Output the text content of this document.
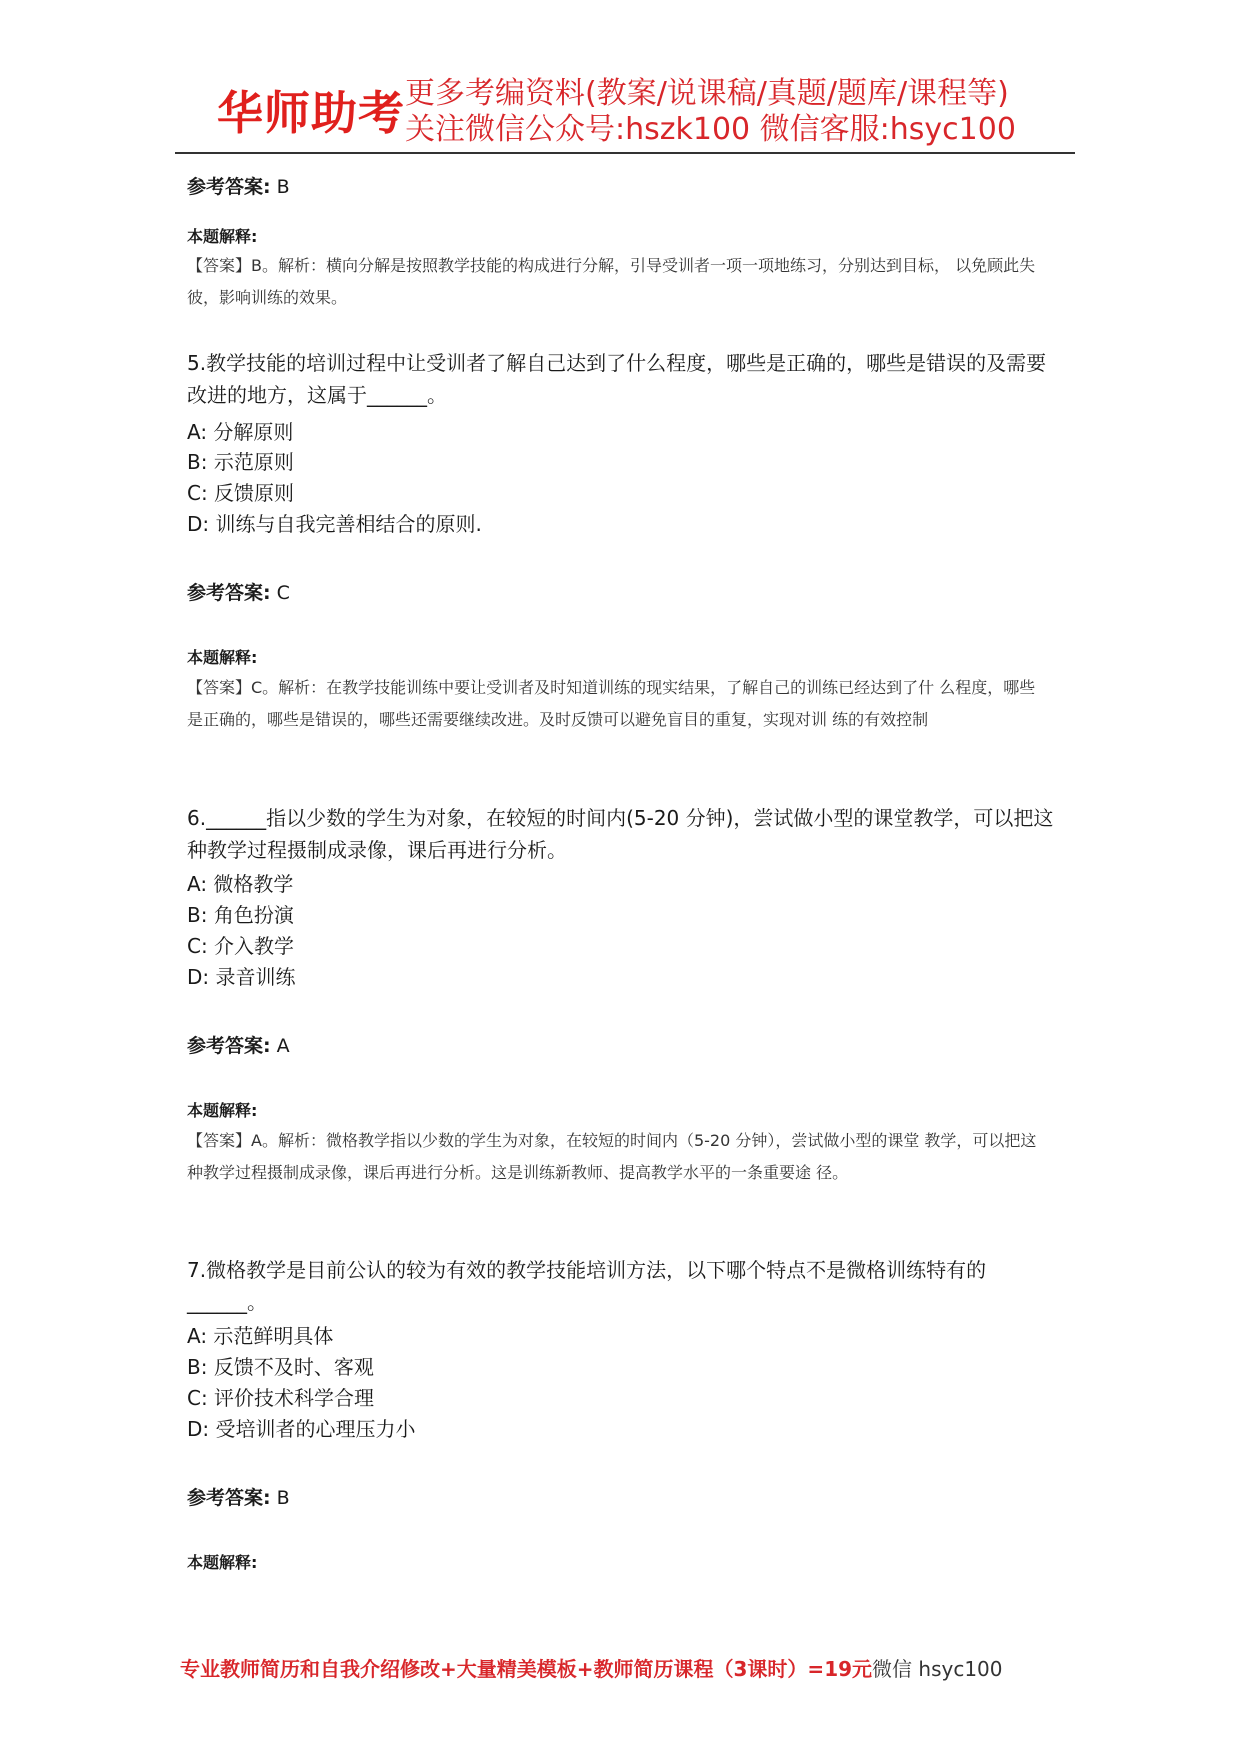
华师助考 更多考编资料(教案/说课稿/真题/题库/课程等)
关注微信公众号:hszk100 微信客服:hsyc100
参考答案: B
本题解释:
【答案】B。解析：横向分解是按照教学技能的构成进行分解，引导受训者一项一项地练习，分别达到目标， 以免顾此失彼，影响训练的效果。
5.教学技能的培训过程中让受训者了解自己达到了什么程度，哪些是正确的，哪些是错误的及需要改进的地方，这属于______。
A: 分解原则
B: 示范原则
C: 反馈原则
D: 训练与自我完善相结合的原则.
参考答案: C
本题解释:
【答案】C。解析：在教学技能训练中要让受训者及时知道训练的现实结果，了解自己的训练已经达到了什 么程度，哪些是正确的，哪些是错误的，哪些还需要继续改进。及时反馈可以避免盲目的重复，实现对训 练的有效控制
6.______指以少数的学生为对象，在较短的时间内(5-20 分钟)，尝试做小型的课堂教学，可以把这种教学过程摄制成录像，课后再进行分析。
A: 微格教学
B: 角色扮演
C: 介入教学
D: 录音训练
参考答案: A
本题解释:
【答案】A。解析：微格教学指以少数的学生为对象，在较短的时间内（5-20 分钟），尝试做小型的课堂 教学，可以把这种教学过程摄制成录像，课后再进行分析。这是训练新教师、提高教学水平的一条重要途 径。
7.微格教学是目前公认的较为有效的教学技能培训方法，以下哪个特点不是微格训练特有的______。
A: 示范鲜明具体
B: 反馈不及时、客观
C: 评价技术科学合理
D: 受培训者的心理压力小
参考答案: B
本题解释:
专业教师简历和自我介绍修改+大量精美模板+教师简历课程（3课时）=19元微信 hsyc100
